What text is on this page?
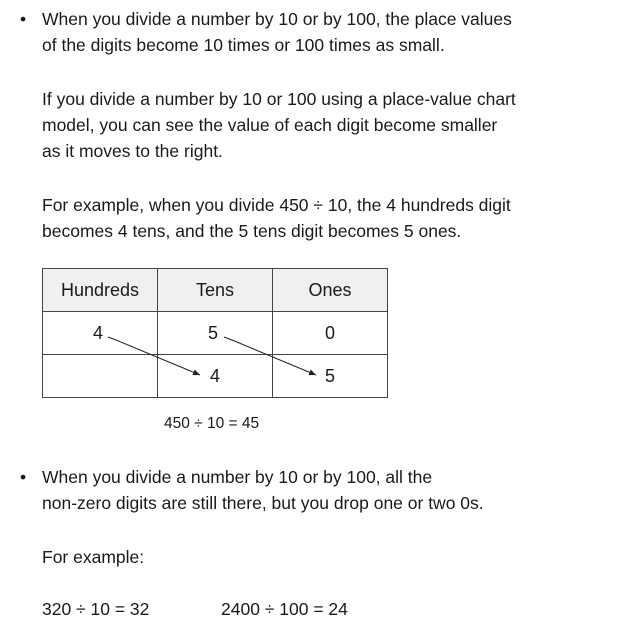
• When you divide a number by 10 or by 100, the place values
of the digits become 10 times or 100 times as small.
If you divide a number by 10 or 100 using a place-value chart
model, you can see the value of each digit become smaller
as it moves to the right.
For example, when you divide 450 ÷ 10, the 4 hundreds digit
becomes 4 tens, and the 5 tens digit becomes 5 ones.
Hundreds	Tens	Ones
4	5	0
	4	5
450 ÷ 10 = 45
• When you divide a number by 10 or by 100, all the
non-zero digits are still there, but you drop one or two 0s.
For example:
320 ÷ 10 = 32	2400 ÷ 100 = 24
